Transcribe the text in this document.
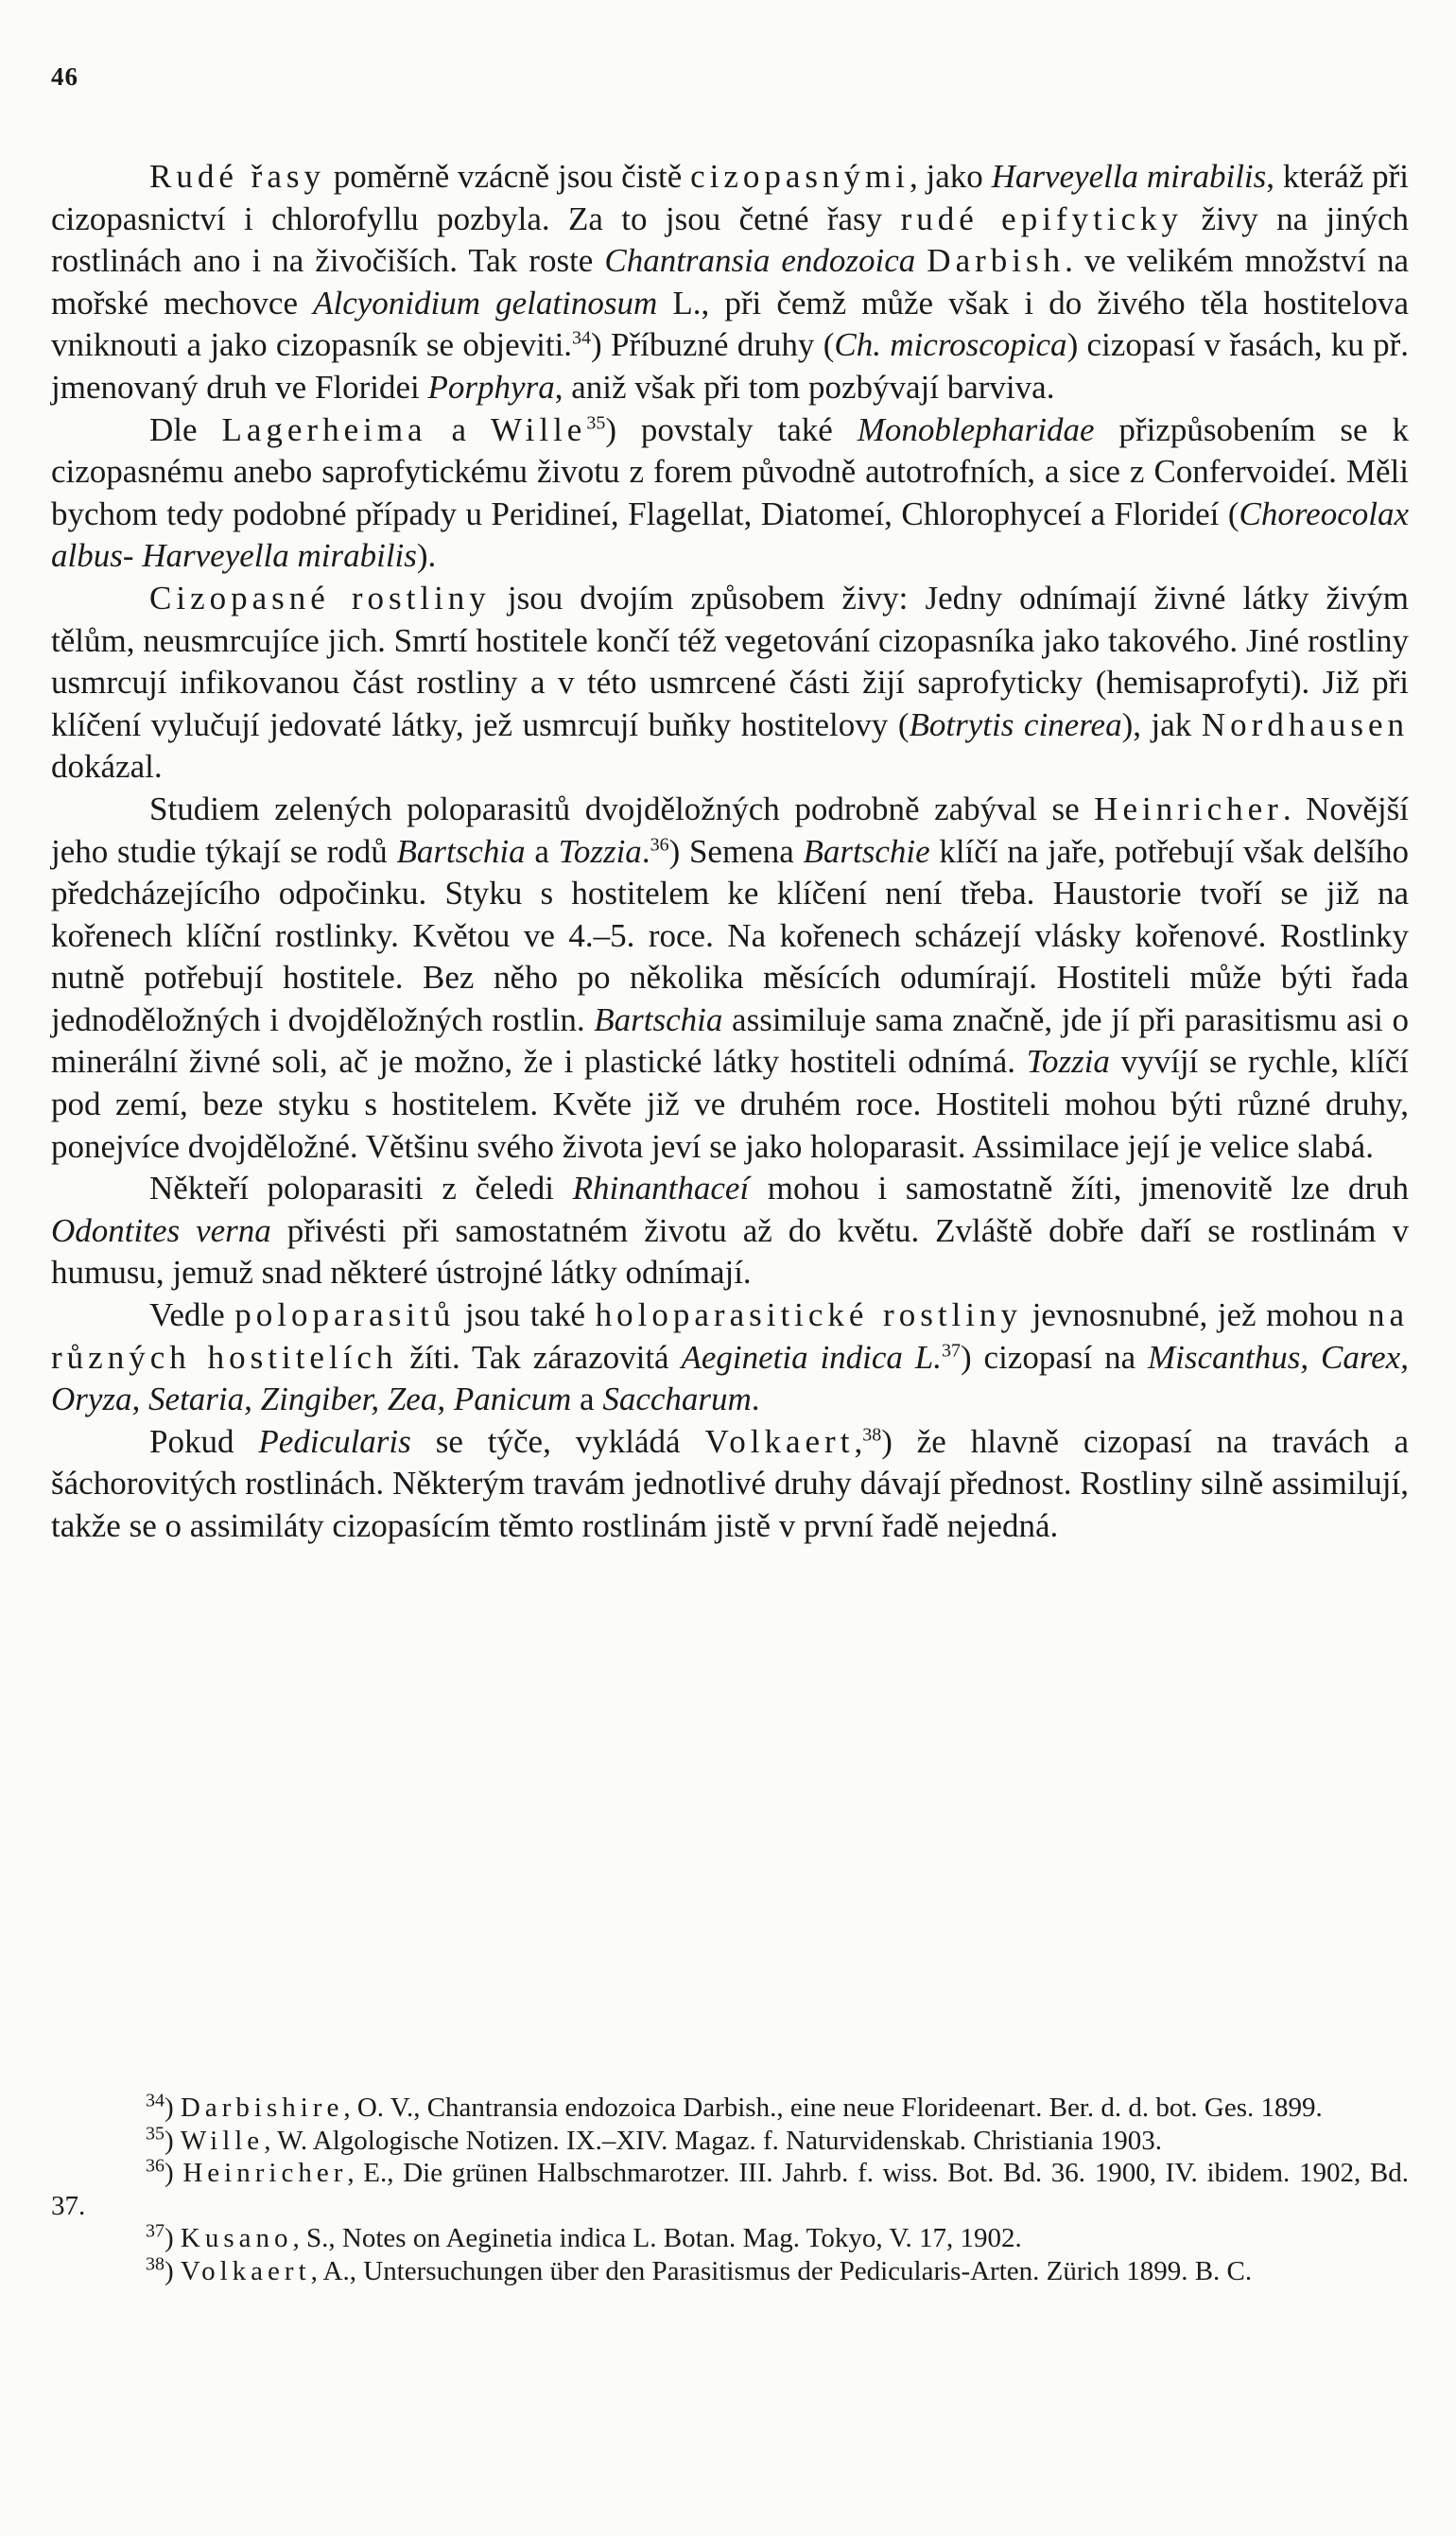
46

Rudé řasy poměrně vzácně jsou čistě cizopasnými, jako Harveyella mirabilis, kteráž při cizopasnictví i chlorofyllu pozbyla. Za to jsou četné řasy rudé epifyticky živy na jiných rostlinách ano i na živočiších. Tak roste Chantransia endozoica Darbish. ve velikém množství na mořské mechovce Alcyonidium gelatinosum L., při čemž může však i do živého těla hostitelova vniknouti a jako cizopasník se objeviti.$^{34}$) Příbuzné druhy (Ch. microscopica) cizopasí v řasách, ku př. jmenovaný druh ve Floridei Porphyra, aniž však při tom pozbývají barviva.

Dle Lagerheima a Wille$^{35}$) povstaly také Monoblepharidae přizpůsobením se k cizopasnému anebo saprofytickému životu z forem původně autotrofních, a sice z Confervoideí. Měli bychom tedy podobné případy u Peridineí, Flagellat, Diatomeí, Chlorophyceí a Florideí (Choreocolax albus- Harveyella mirabilis).

Cizopasné rostliny jsou dvojím způsobem živy: Jedny odnímají živné látky živým tělům, neusmrcujíce jich. Smrtí hostitele končí též vegetování cizopasníka jako takového. Jiné rostliny usmrcují infikovanou část rostliny a v této usmrcené části žijí saprofyticky (hemisaprofyti). Již při klíčení vylučují jedovaté látky, jež usmrcují buňky hostitelovy (Botrytis cinerea), jak Nordhausen dokázal.

Studiem zelených poloparasitů dvojděložných podrobně zabýval se Heinricher. Novější jeho studie týkají se rodů Bartschia a Tozzia.$^{36}$) Semena Bartschie klíčí na jaře, potřebují však delšího předcházejícího odpočinku. Styku s hostitelem ke klíčení není třeba. Haustorie tvoří se již na kořenech klíční rostlinky. Květou ve 4.–5. roce. Na kořenech scházejí vlásky kořenové. Rostlinky nutně potřebují hostitele. Bez něho po několika měsících odumírají. Hostiteli může býti řada jednoděložných i dvojděložných rostlin. Bartschia assimiluje sama značně, jde jí při parasitismu asi o minerální živné soli, ač je možno, že i plastické látky hostiteli odnímá. Tozzia vyvíjí se rychle, klíčí pod zemí, beze styku s hostitelem. Květe již ve druhém roce. Hostiteli mohou býti různé druhy, ponejvíce dvojděložné. Většinu svého života jeví se jako holoparasit. Assimilace její je velice slabá.

Někteří poloparasiti z čeledi Rhinanthaceí mohou i samostatně žíti, jmenovitě lze druh Odontites verna přivésti při samostatném životu až do květu. Zvláště dobře daří se rostlinám v humusu, jemuž snad některé ústrojné látky odnímají.

Vedle poloparasitů jsou také holoparasitické rostliny jevnosnubné, jež mohou na různých hostitelích žíti. Tak zárazovitá Aeginetia indica L.$^{37}$) cizopasí na Miscanthus, Carex, Oryza, Setaria, Zingiber, Zea, Panicum a Saccharum.

Pokud Pedicularis se týče, vykládá Volkaert,$^{38}$) že hlavně cizopasí na travách a šáchorovitých rostlinách. Některým travám jednotlivé druhy dávají přednost. Rostliny silně assimilují, takže se o assimiláty cizopasícím těmto rostlinám jistě v první řadě nejedná.

$^{34}$) Darbishire, O. V., Chantransia endozoica Darbish., eine neue Florideenart. Ber. d. d. bot. Ges. 1899.

$^{35}$) Wille, W. Algologische Notizen. IX.–XIV. Magaz. f. Naturvidenskab. Christiania 1903.

$^{36}$) Heinricher, E., Die grünen Halbschmarotzer. III. Jahrb. f. wiss. Bot. Bd. 36. 1900, IV. ibidem. 1902, Bd. 37.

$^{37}$) Kusano, S., Notes on Aeginetia indica L. Botan. Mag. Tokyo, V. 17, 1902.

$^{38}$) Volkaert, A., Untersuchungen über den Parasitismus der Pedicularis-Arten. Zürich 1899. B. C.
